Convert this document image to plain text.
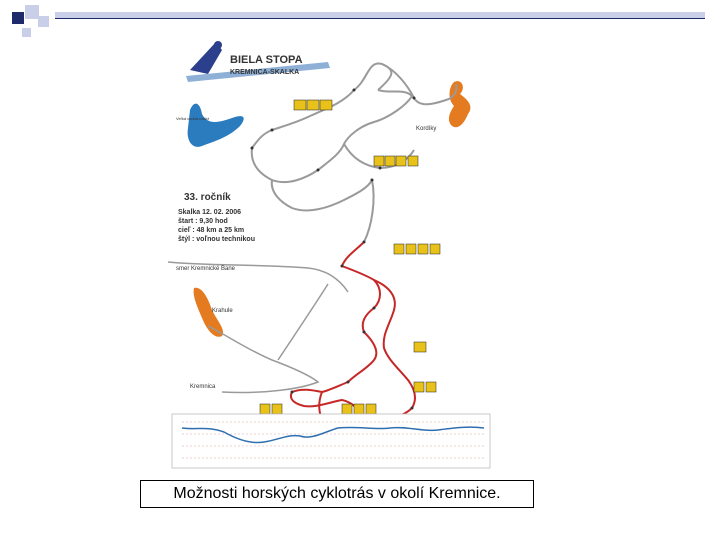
BIELA STOPA
KREMNICA-SKALKA
Kordíky
smer Kremnické Bane
Krahule
Kremnica
Veľká vodná nádrž
33. ročník
Skalka 12. 02. 2006
štart : 9,30 hod
cieľ : 48 km a 25 km
štýl : voľnou technikou
Možnosti horských cyklotrás v okolí Kremnice.
